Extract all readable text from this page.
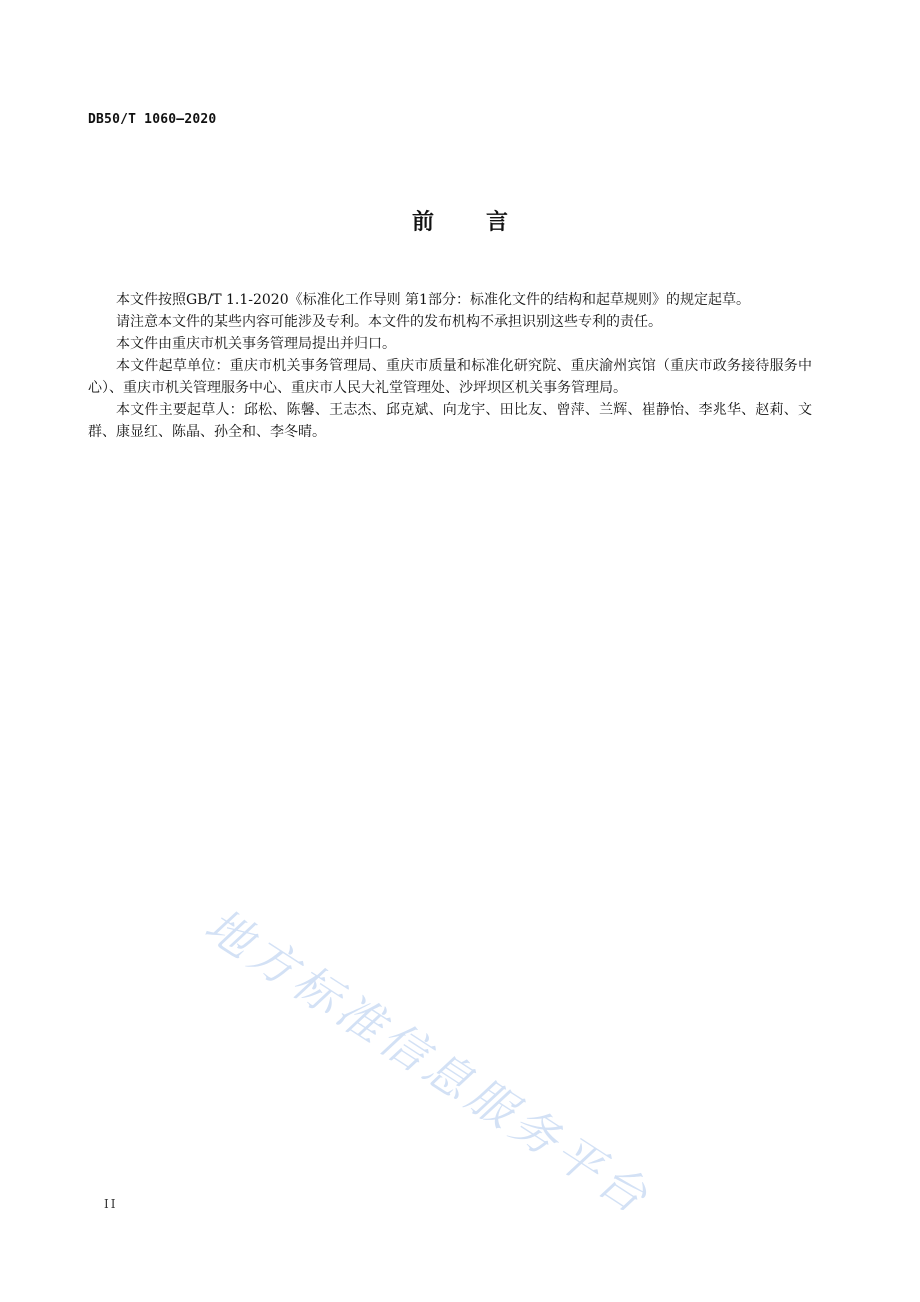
DB50/T 1060—2020
前言

本文件按照GB/T 1.1-2020《标准化工作导则 第1部分：标准化文件的结构和起草规则》的规定起草。

请注意本文件的某些内容可能涉及专利。本文件的发布机构不承担识别这些专利的责任。

本文件由重庆市机关事务管理局提出并归口。

本文件起草单位：重庆市机关事务管理局、重庆市质量和标准化研究院、重庆渝州宾馆（重庆市政务接待服务中心）、重庆市机关管理服务中心、重庆市人民大礼堂管理处、沙坪坝区机关事务管理局。

本文件主要起草人：邱松、陈馨、王志杰、邱克斌、向龙宇、田比友、曾萍、兰辉、崔静怡、李兆华、赵莉、文群、康显红、陈晶、孙全和、李冬晴。

地方标准信息服务平台
II
